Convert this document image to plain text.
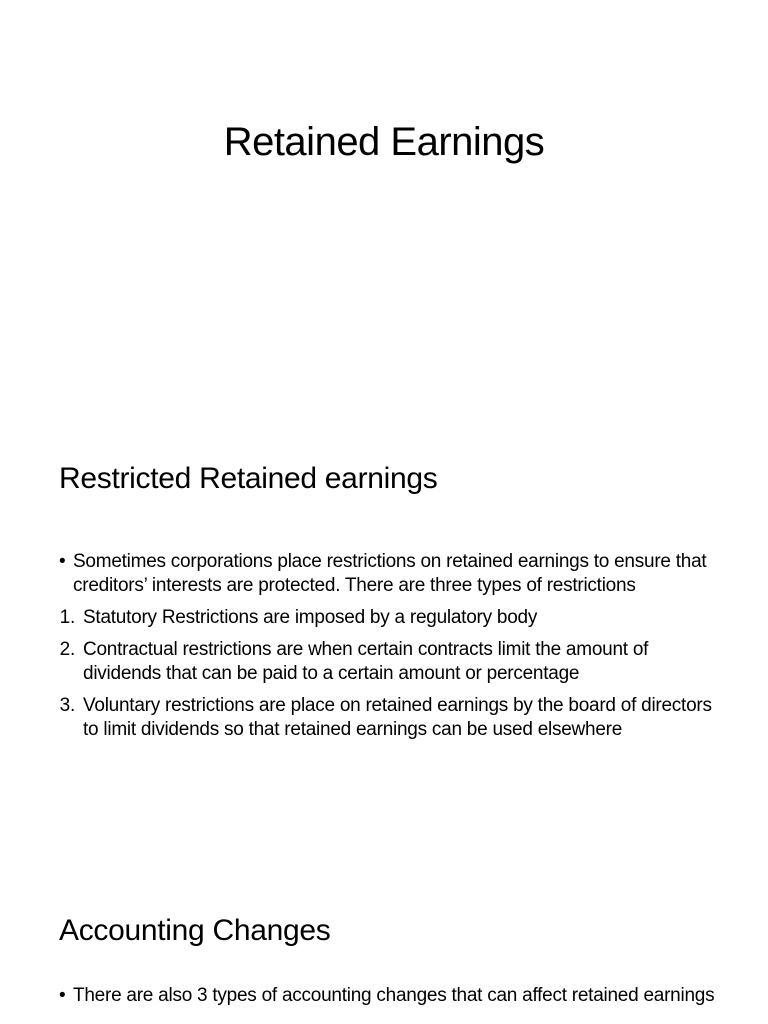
Retained Earnings
Restricted Retained earnings
• Sometimes corporations place restrictions on retained earnings to ensure that creditors’ interests are protected. There are three types of restrictions
1. Statutory Restrictions are imposed by a regulatory body
2. Contractual restrictions are when certain contracts limit the amount of dividends that can be paid to a certain amount or percentage
3. Voluntary restrictions are place on retained earnings by the board of directors to limit dividends so that retained earnings can be used elsewhere
Accounting Changes
• There are also 3 types of accounting changes that can affect retained earnings
